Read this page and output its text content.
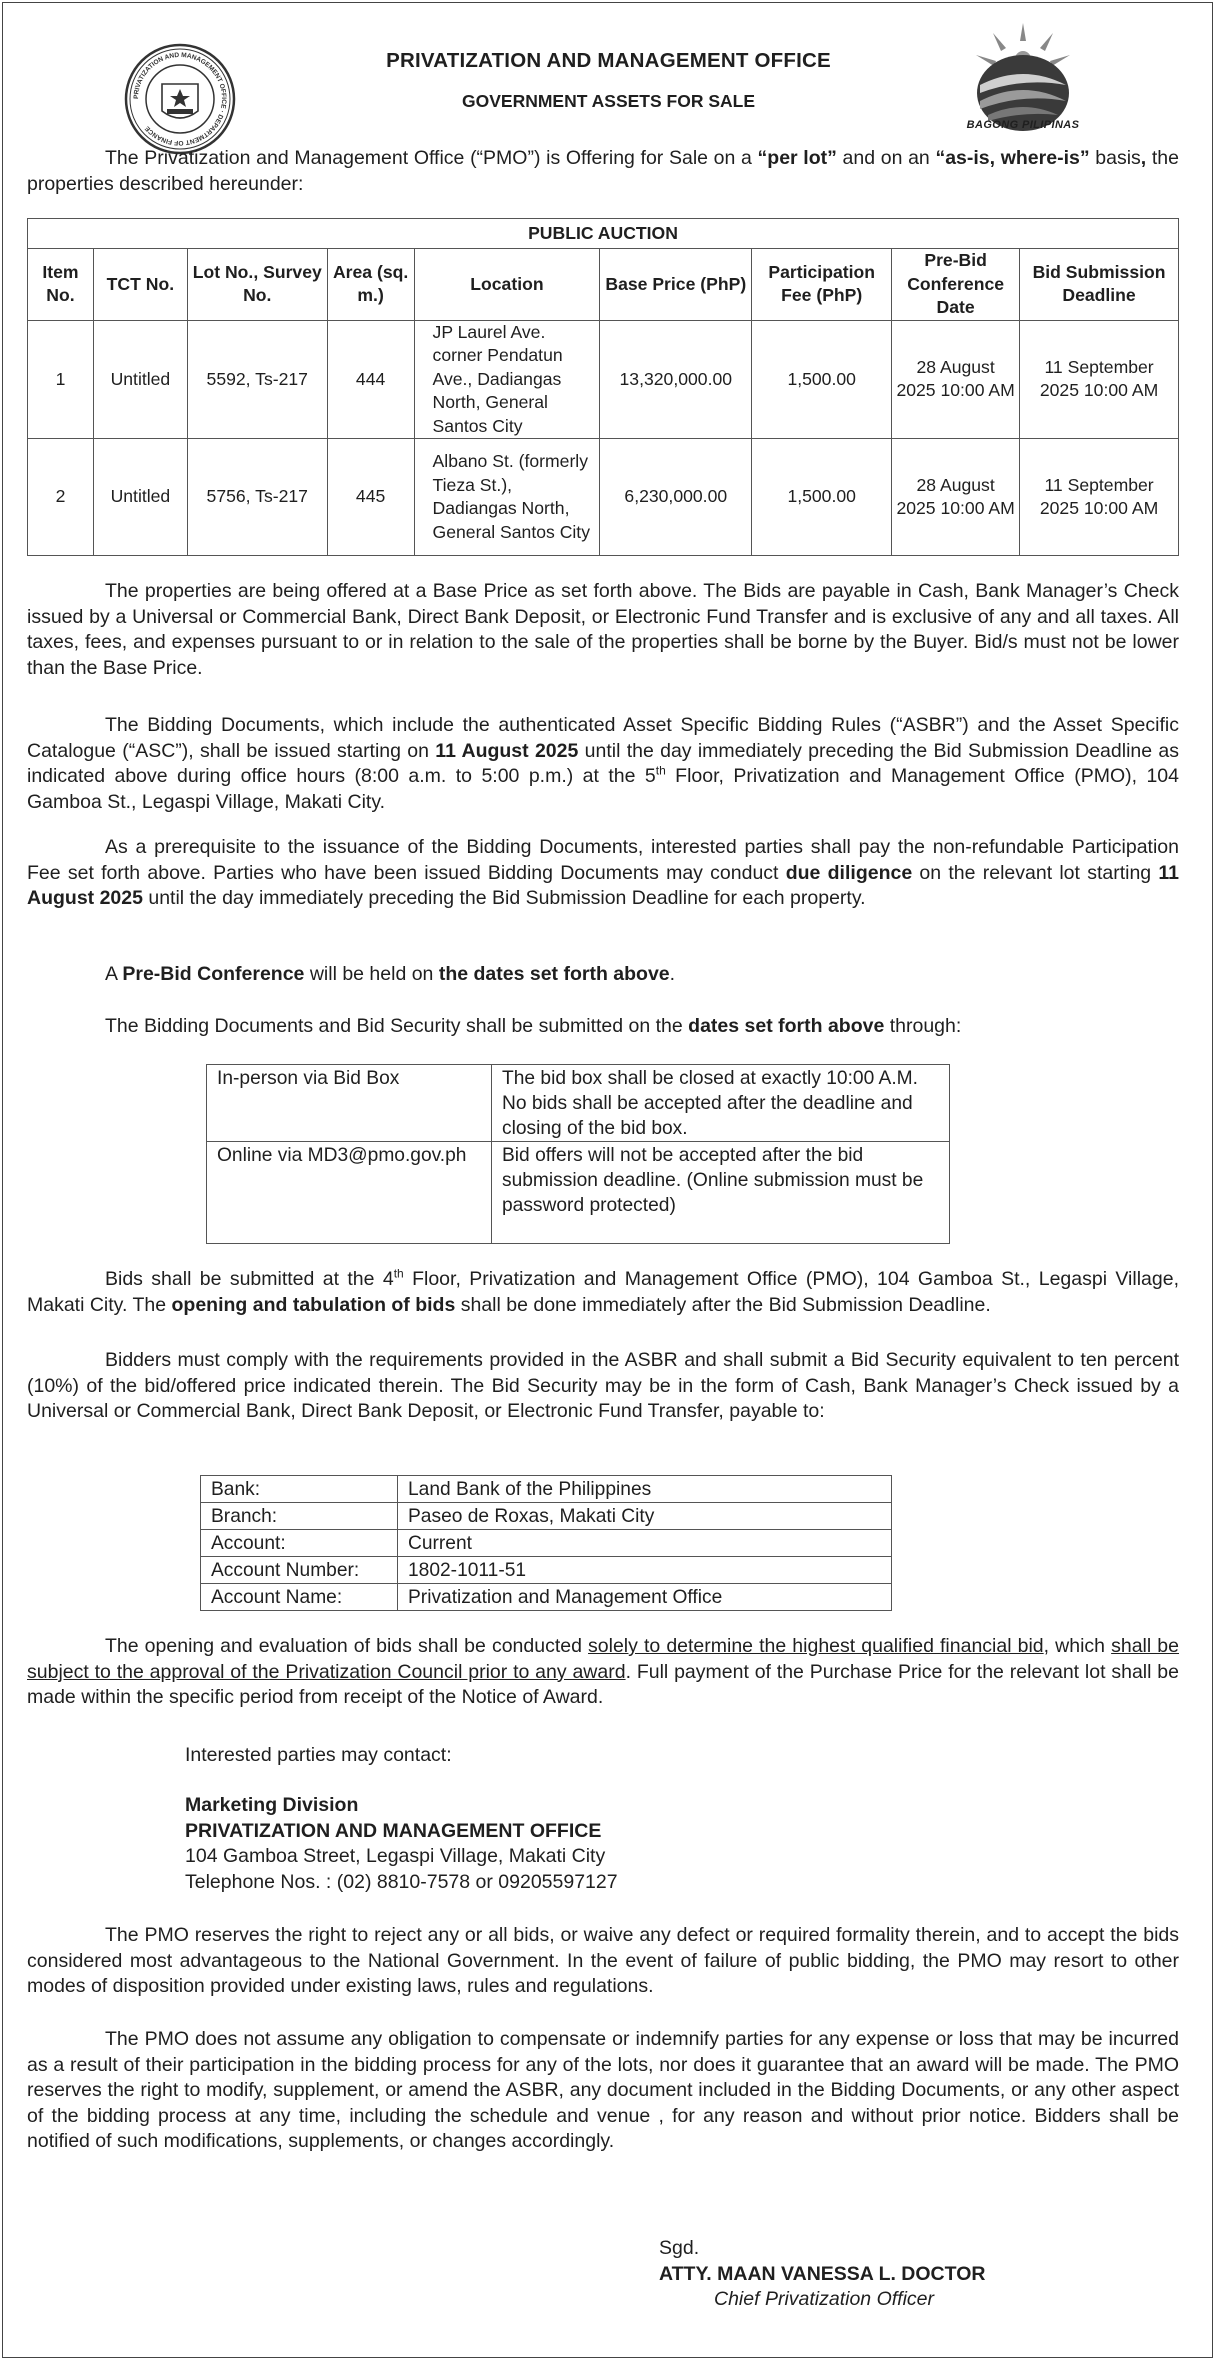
PRIVATIZATION AND MANAGEMENT OFFICE · DEPARTMENT OF FINANCE
PRIVATIZATION AND MANAGEMENT OFFICE
GOVERNMENT ASSETS FOR SALE
BAGONG PILIPINAS

The Privatization and Management Office (“PMO”) is Offering for Sale on a “per lot” and on an “as-is, where-is” basis, the properties described hereunder:

PUBLIC AUCTION								
Item No.	TCT No.	Lot No., Survey No.	Area (sq. m.)	Location	Base Price (PhP)	Participation Fee (PhP)	Pre-Bid Conference Date	Bid Submission Deadline
1	Untitled	5592, Ts-217	444	JP Laurel Ave. corner Pendatun Ave., Dadiangas North, General Santos City	13,320,000.00	1,500.00	28 August 2025 10:00 AM	11 September 2025 10:00 AM
2	Untitled	5756, Ts-217	445	Albano St. (formerly Tieza St.), Dadiangas North, General Santos City	6,230,000.00	1,500.00	28 August 2025 10:00 AM	11 September 2025 10:00 AM

The properties are being offered at a Base Price as set forth above. The Bids are payable in Cash, Bank Manager’s Check issued by a Universal or Commercial Bank, Direct Bank Deposit, or Electronic Fund Transfer and is exclusive of any and all taxes. All taxes, fees, and expenses pursuant to or in relation to the sale of the properties shall be borne by the Buyer. Bid/s must not be lower than the Base Price.

The Bidding Documents, which include the authenticated Asset Specific Bidding Rules (“ASBR”) and the Asset Specific Catalogue (“ASC”), shall be issued starting on 11 August 2025 until the day immediately preceding the Bid Submission Deadline as indicated above during office hours (8:00 a.m. to 5:00 p.m.) at the 5th Floor, Privatization and Management Office (PMO), 104 Gamboa St., Legaspi Village, Makati City.

As a prerequisite to the issuance of the Bidding Documents, interested parties shall pay the non-refundable Participation Fee set forth above. Parties who have been issued Bidding Documents may conduct due diligence on the relevant lot starting 11 August 2025 until the day immediately preceding the Bid Submission Deadline for each property.

A Pre-Bid Conference will be held on the dates set forth above.

The Bidding Documents and Bid Security shall be submitted on the dates set forth above through:

In-person via Bid Box	The bid box shall be closed at exactly 10:00 A.M. No bids shall be accepted after the deadline and closing of the bid box.
Online via MD3@pmo.gov.ph	Bid offers will not be accepted after the bid submission deadline. (Online submission must be password protected)

Bids shall be submitted at the 4th Floor, Privatization and Management Office (PMO), 104 Gamboa St., Legaspi Village, Makati City. The opening and tabulation of bids shall be done immediately after the Bid Submission Deadline.

Bidders must comply with the requirements provided in the ASBR and shall submit a Bid Security equivalent to ten percent (10%) of the bid/offered price indicated therein. The Bid Security may be in the form of Cash, Bank Manager’s Check issued by a Universal or Commercial Bank, Direct Bank Deposit, or Electronic Fund Transfer, payable to:

Bank:	Land Bank of the Philippines
Branch:	Paseo de Roxas, Makati City
Account:	Current
Account Number:	1802-1011-51
Account Name:	Privatization and Management Office

The opening and evaluation of bids shall be conducted solely to determine the highest qualified financial bid, which shall be subject to the approval of the Privatization Council prior to any award. Full payment of the Purchase Price for the relevant lot shall be made within the specific period from receipt of the Notice of Award.

Interested parties may contact:

Marketing Division

PRIVATIZATION AND MANAGEMENT OFFICE

104 Gamboa Street, Legaspi Village, Makati City

Telephone Nos. : (02) 8810-7578 or 09205597127

The PMO reserves the right to reject any or all bids, or waive any defect or required formality therein, and to accept the bids considered most advantageous to the National Government. In the event of failure of public bidding, the PMO may resort to other modes of disposition provided under existing laws, rules and regulations.

The PMO does not assume any obligation to compensate or indemnify parties for any expense or loss that may be incurred as a result of their participation in the bidding process for any of the lots, nor does it guarantee that an award will be made. The PMO reserves the right to modify, supplement, or amend the ASBR, any document included in the Bidding Documents, or any other aspect of the bidding process at any time, including the schedule and venue , for any reason and without prior notice. Bidders shall be notified of such modifications, supplements, or changes accordingly.

Sgd.

ATTY. MAAN VANESSA L. DOCTOR

Chief Privatization Officer
